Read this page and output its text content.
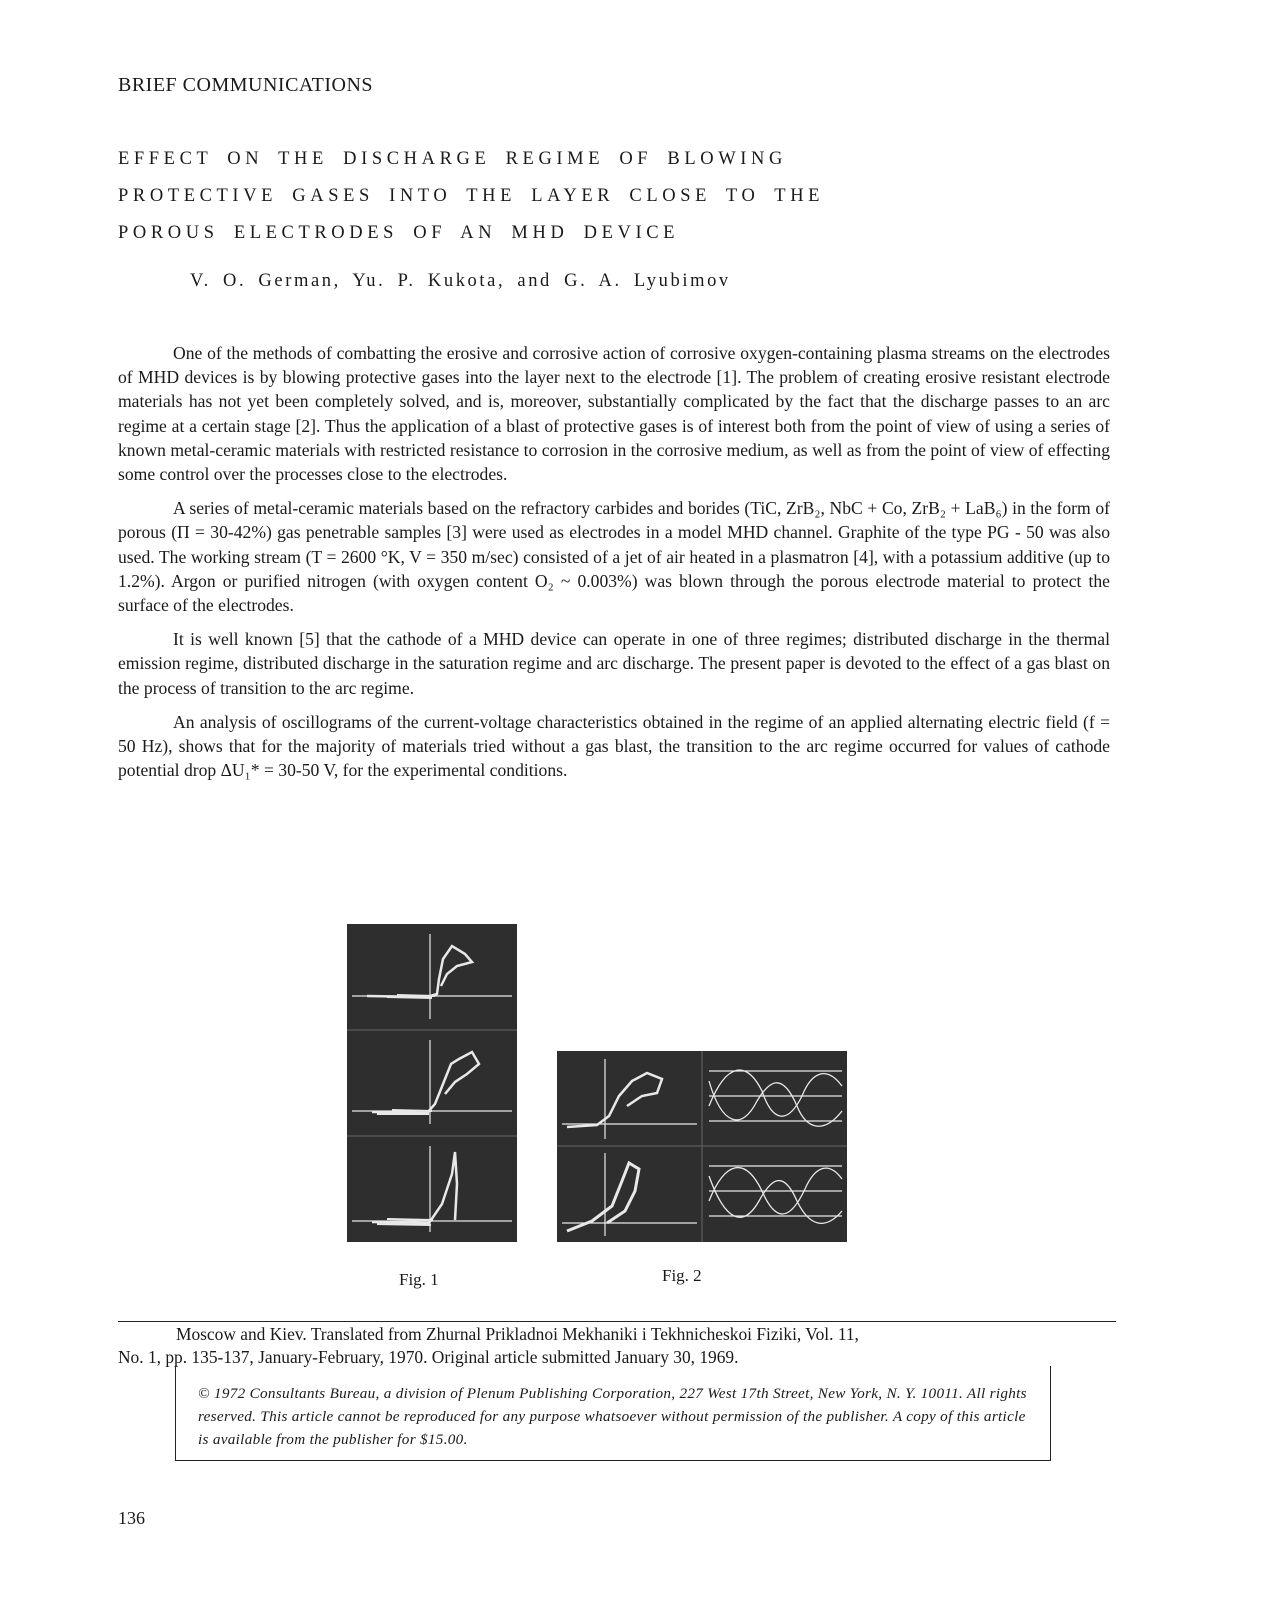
BRIEF COMMUNICATIONS
EFFECT ON THE DISCHARGE REGIME OF BLOWING
PROTECTIVE GASES INTO THE LAYER CLOSE TO THE
POROUS ELECTRODES OF AN MHD DEVICE
V. O. German, Yu. P. Kukota, and G. A. Lyubimov

One of the methods of combatting the erosive and corrosive action of corrosive oxygen-containing plasma streams on the electrodes of MHD devices is by blowing protective gases into the layer next to the electrode [1]. The problem of creating erosive resistant electrode materials has not yet been completely solved, and is, moreover, substantially complicated by the fact that the discharge passes to an arc regime at a certain stage [2]. Thus the application of a blast of protective gases is of interest both from the point of view of using a series of known metal-ceramic materials with restricted resistance to corrosion in the corrosive medium, as well as from the point of view of effecting some control over the processes close to the electrodes.

A series of metal-ceramic materials based on the refractory carbides and borides (TiC, ZrB₂, NbC + Co, ZrB₂ + LaB₆) in the form of porous (Π = 30-42%) gas penetrable samples [3] were used as electrodes in a model MHD channel. Graphite of the type PG - 50 was also used. The working stream (T = 2600 °K, V = 350 m/sec) consisted of a jet of air heated in a plasmatron [4], with a potassium additive (up to 1.2%). Argon or purified nitrogen (with oxygen content O₂ ~ 0.003%) was blown through the porous electrode material to protect the surface of the electrodes.

It is well known [5] that the cathode of a MHD device can operate in one of three regimes; distributed discharge in the thermal emission regime, distributed discharge in the saturation regime and arc discharge. The present paper is devoted to the effect of a gas blast on the process of transition to the arc regime.

An analysis of oscillograms of the current-voltage characteristics obtained in the regime of an applied alternating electric field (f = 50 Hz), shows that for the majority of materials tried without a gas blast, the transition to the arc regime occurred for values of cathode potential drop ΔU₁* = 30-50 V, for the experimental conditions.

Fig. 1	Fig. 2
Moscow and Kiev. Translated from Zhurnal Prikladnoi Mekhaniki i Tekhnicheskoi Fiziki, Vol. 11,
No. 1, pp. 135-137, January-February, 1970. Original article submitted January 30, 1969.
© 1972 Consultants Bureau, a division of Plenum Publishing Corporation, 227 West 17th Street, New York, N. Y. 10011. All rights reserved. This article cannot be reproduced for any purpose whatsoever without permission of the publisher. A copy of this article is available from the publisher for $15.00.
136
